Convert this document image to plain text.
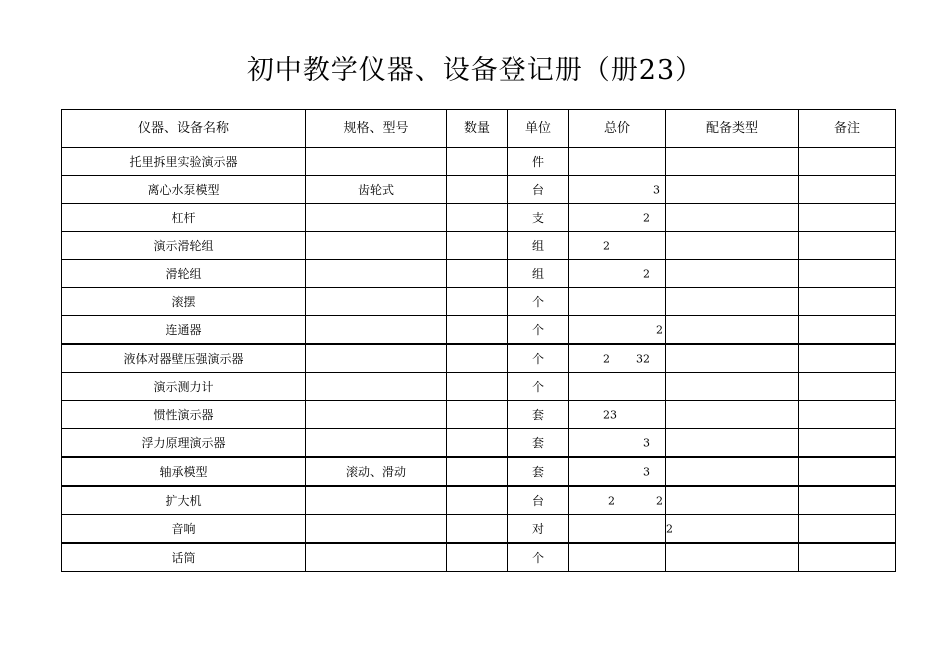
初中教学仪器、设备登记册（册23）
仪器、设备名称	规格、型号	数量	单位	总价	配备类型	备注
托里拆里实验演示器			件	

离心水泵模型	齿轮式		台	3		

杠杆			支	2		

演示滑轮组			组	2		

滑轮组			组	2		

滚摆			个	

连通器			个	2		

液体对器壁压强演示器			个	2 32		

演示测力计			个	

惯性演示器			套	23		

浮力原理演示器			套	3		

轴承模型	滚动、滑动		套	3		

扩大机			台	2 2		

音响			对		2	

话筒			个	
